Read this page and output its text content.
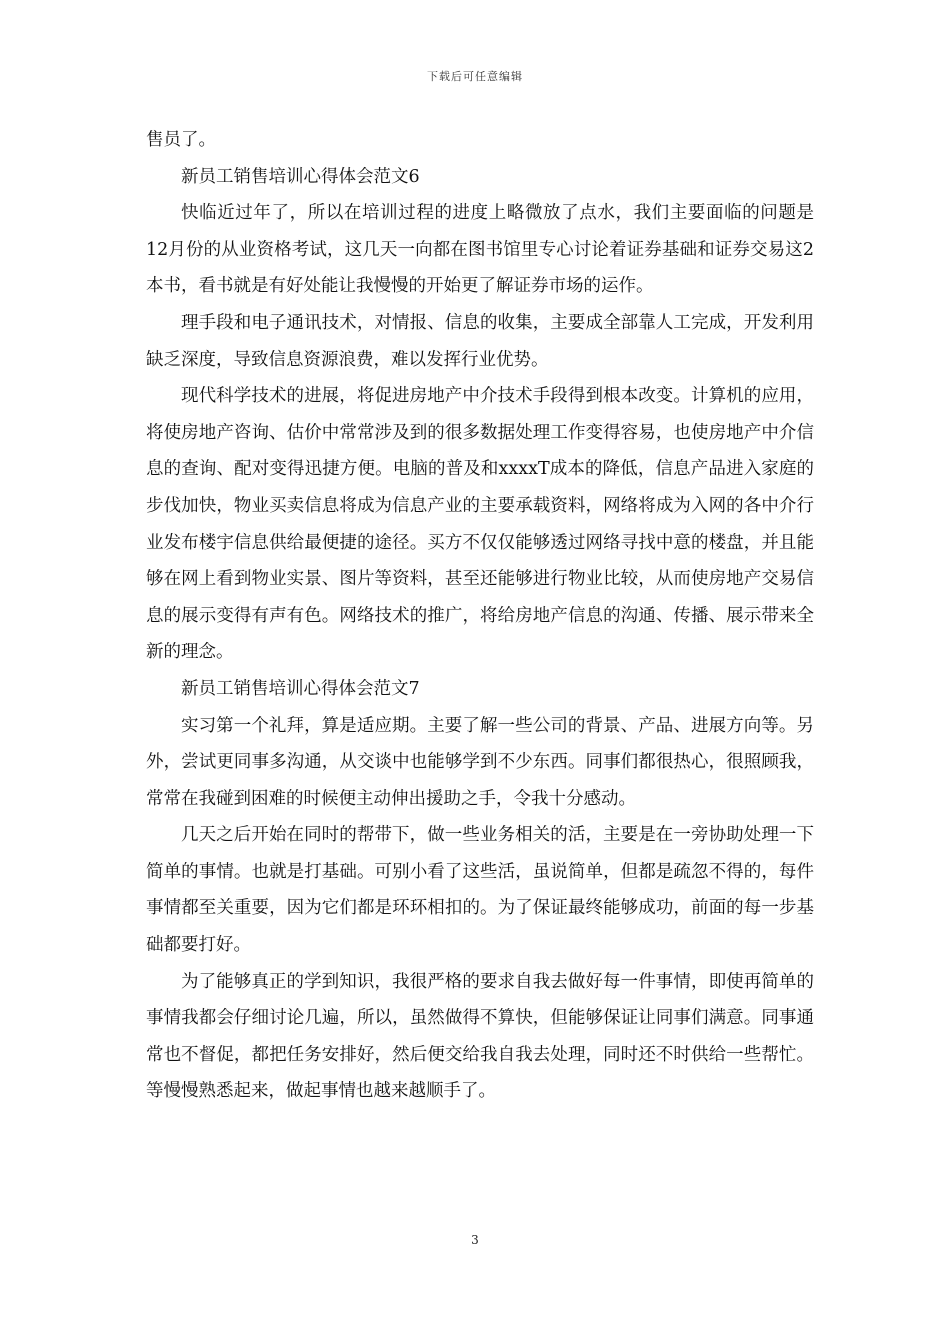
下载后可任意编辑

售员了。

新员工销售培训心得体会范文6

快临近过年了，所以在培训过程的进度上略微放了点水，我们主要面临的问题是12月份的从业资格考试，这几天一向都在图书馆里专心讨论着证券基础和证券交易这2本书，看书就是有好处能让我慢慢的开始更了解证券市场的运作。

理手段和电子通讯技术，对情报、信息的收集，主要成全部靠人工完成，开发利用缺乏深度，导致信息资源浪费，难以发挥行业优势。

现代科学技术的进展，将促进房地产中介技术手段得到根本改变。计算机的应用，将使房地产咨询、估价中常常涉及到的很多数据处理工作变得容易，也使房地产中介信息的查询、配对变得迅捷方便。电脑的普及和xxxxT成本的降低，信息产品进入家庭的步伐加快，物业买卖信息将成为信息产业的主要承载资料，网络将成为入网的各中介行业发布楼宇信息供给最便捷的途径。买方不仅仅能够透过网络寻找中意的楼盘，并且能够在网上看到物业实景、图片等资料，甚至还能够进行物业比较，从而使房地产交易信息的展示变得有声有色。网络技术的推广，将给房地产信息的沟通、传播、展示带来全新的理念。

新员工销售培训心得体会范文7

实习第一个礼拜，算是适应期。主要了解一些公司的背景、产品、进展方向等。另外，尝试更同事多沟通，从交谈中也能够学到不少东西。同事们都很热心，很照顾我，常常在我碰到困难的时候便主动伸出援助之手，令我十分感动。

几天之后开始在同时的帮带下，做一些业务相关的活，主要是在一旁协助处理一下简单的事情。也就是打基础。可别小看了这些活，虽说简单，但都是疏忽不得的，每件事情都至关重要，因为它们都是环环相扣的。为了保证最终能够成功，前面的每一步基础都要打好。

为了能够真正的学到知识，我很严格的要求自我去做好每一件事情，即使再简单的事情我都会仔细讨论几遍，所以，虽然做得不算快，但能够保证让同事们满意。同事通常也不督促，都把任务安排好，然后便交给我自我去处理，同时还不时供给一些帮忙。等慢慢熟悉起来，做起事情也越来越顺手了。

3
